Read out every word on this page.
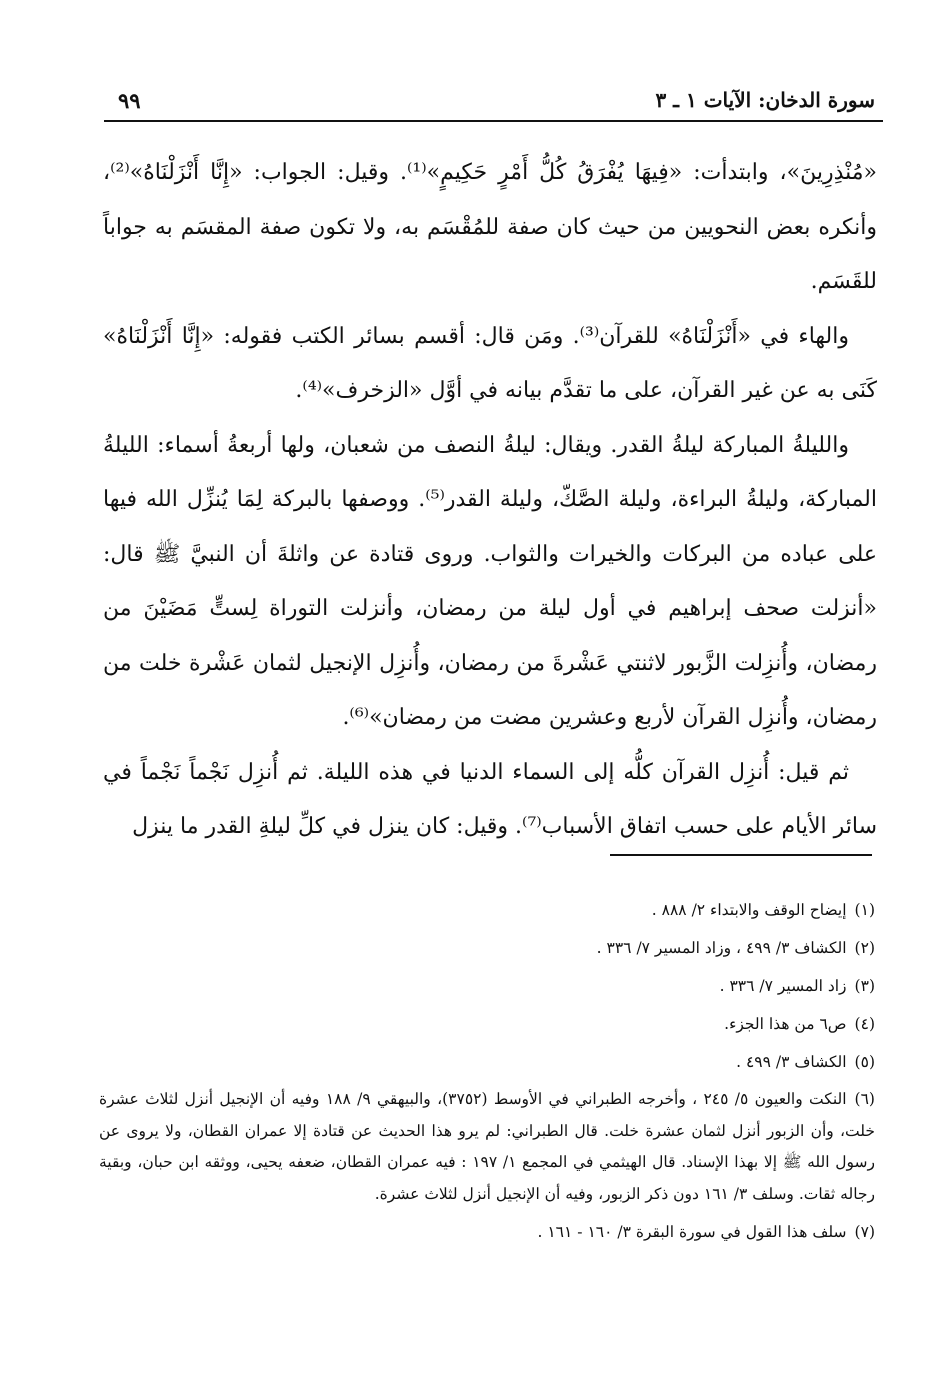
سورة الدخان: الآيات ١ ـ ٣
٩٩

«مُنْذِرِينَ»، وابتدأت: «فِيهَا يُفْرَقُ كُلُّ أَمْرٍ حَكِيمٍ»⁽¹⁾. وقيل: الجواب: «إِنَّا أَنْزَلْنَاهُ»⁽²⁾، وأنكره بعض النحويين من حيث كان صفة للمُقْسَم به، ولا تكون صفة المقسَم به جواباً للقَسَم.

والهاء في «أَنْزَلْنَاهُ» للقرآن⁽³⁾. ومَن قال: أقسم بسائر الكتب فقوله: «إِنَّا أَنْزَلْنَاهُ» كَنَى به عن غير القرآن، على ما تقدَّم بيانه في أوَّل «الزخرف»⁽⁴⁾.

والليلةُ المباركة ليلةُ القدر. ويقال: ليلةُ النصف من شعبان، ولها أربعةُ أسماء: الليلةُ المباركة، وليلةُ البراءة، وليلة الصَّكّ، وليلة القدر⁽⁵⁾. ووصفها بالبركة لِمَا يُنزِّل الله فيها على عباده من البركات والخيرات والثواب. وروى قتادة عن واثلةَ أن النبيَّ ﷺ قال: «أنزلت صحف إبراهيم في أول ليلة من رمضان، وأنزلت التوراة لِستٍّ مَضَيْنَ من رمضان، وأُنزِلت الزَّبور لاثنتي عَشْرةَ من رمضان، وأُنزِل الإنجيل لثمان عَشْرة خلت من رمضان، وأُنزِل القرآن لأربع وعشرين مضت من رمضان»⁽⁶⁾.

ثم قيل: أُنزِل القرآن كلُّه إلى السماء الدنيا في هذه الليلة. ثم أُنزِل نَجْماً نَجْماً في سائر الأيام على حسب اتفاق الأسباب⁽⁷⁾. وقيل: كان ينزل في كلِّ ليلةِ القدر ما ينزل

(١)إيضاح الوقف والابتداء ٢/ ٨٨٨ .
(٢)الكشاف ٣/ ٤٩٩ ، وزاد المسير ٧/ ٣٣٦ .
(٣)زاد المسير ٧/ ٣٣٦ .
(٤)ص٦ من هذا الجزء.
(٥)الكشاف ٣/ ٤٩٩ .
(٦)النكت والعيون ٥/ ٢٤٥ ، وأخرجه الطبراني في الأوسط (٣٧٥٢)، والبيهقي ٩/ ١٨٨ وفيه أن الإنجيل أنزل لثلاث عشرة خلت، وأن الزبور أنزل لثمان عشرة خلت. قال الطبراني: لم يرو هذا الحديث عن قتادة إلا عمران القطان، ولا يروى عن رسول الله ﷺ إلا بهذا الإسناد. قال الهيثمي في المجمع ١/ ١٩٧ : فيه عمران القطان، ضعفه يحيى، ووثقه ابن حبان، وبقية رجاله ثقات. وسلف ٣/ ١٦١ دون ذكر الزبور، وفيه أن الإنجيل أنزل لثلاث عشرة.
(٧)سلف هذا القول في سورة البقرة ٣/ ١٦٠ - ١٦١ .
